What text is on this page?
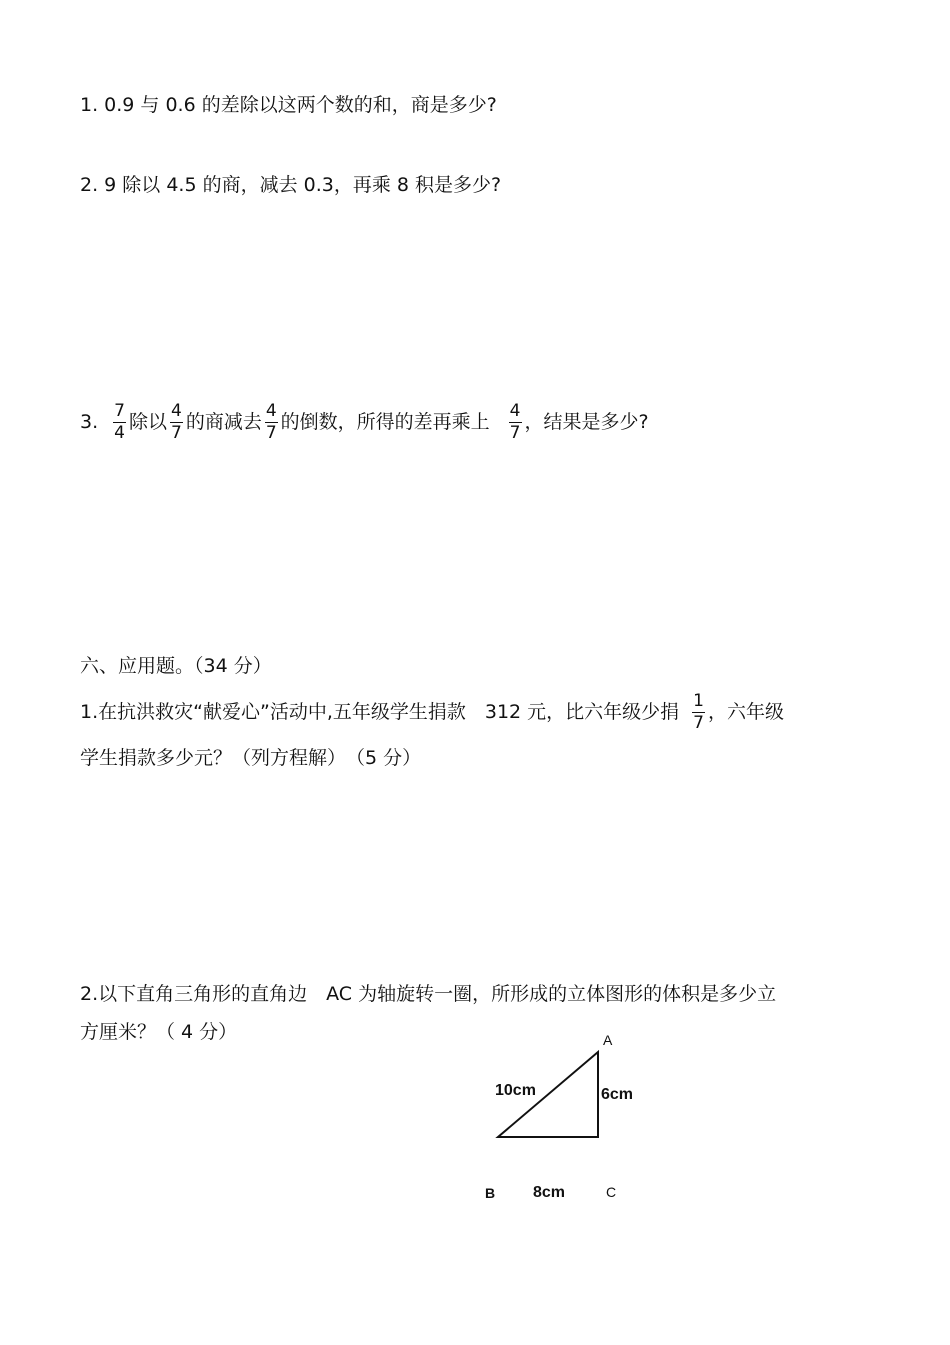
1. 0.9 与 0.6 的差除以这两个数的和，商是多少?
2. 9 除以 4.5 的商，减去 0.3，再乘 8 积是多少?
3. $\frac{7}{4}$ 除以 $\frac{4}{7}$ 的商减去 $\frac{4}{7}$ 的倒数，所得的差再乘上 $\frac{4}{7}$ ，结果是多少?
六、应用题。（34 分）
1.在抗洪救灾“献爱心”活动中,五年级学生捐款　312 元，比六年级少捐 $\frac{1}{7}$ ，六年级
学生捐款多少元？（列方程解）　（5 分）
2.以下直角三角形的直角边　AC 为轴旋转一圈，所形成的立体图形的体积是多少立
方厘米？（ 4 分）	A
10cm	6cm
B 8cm	C
